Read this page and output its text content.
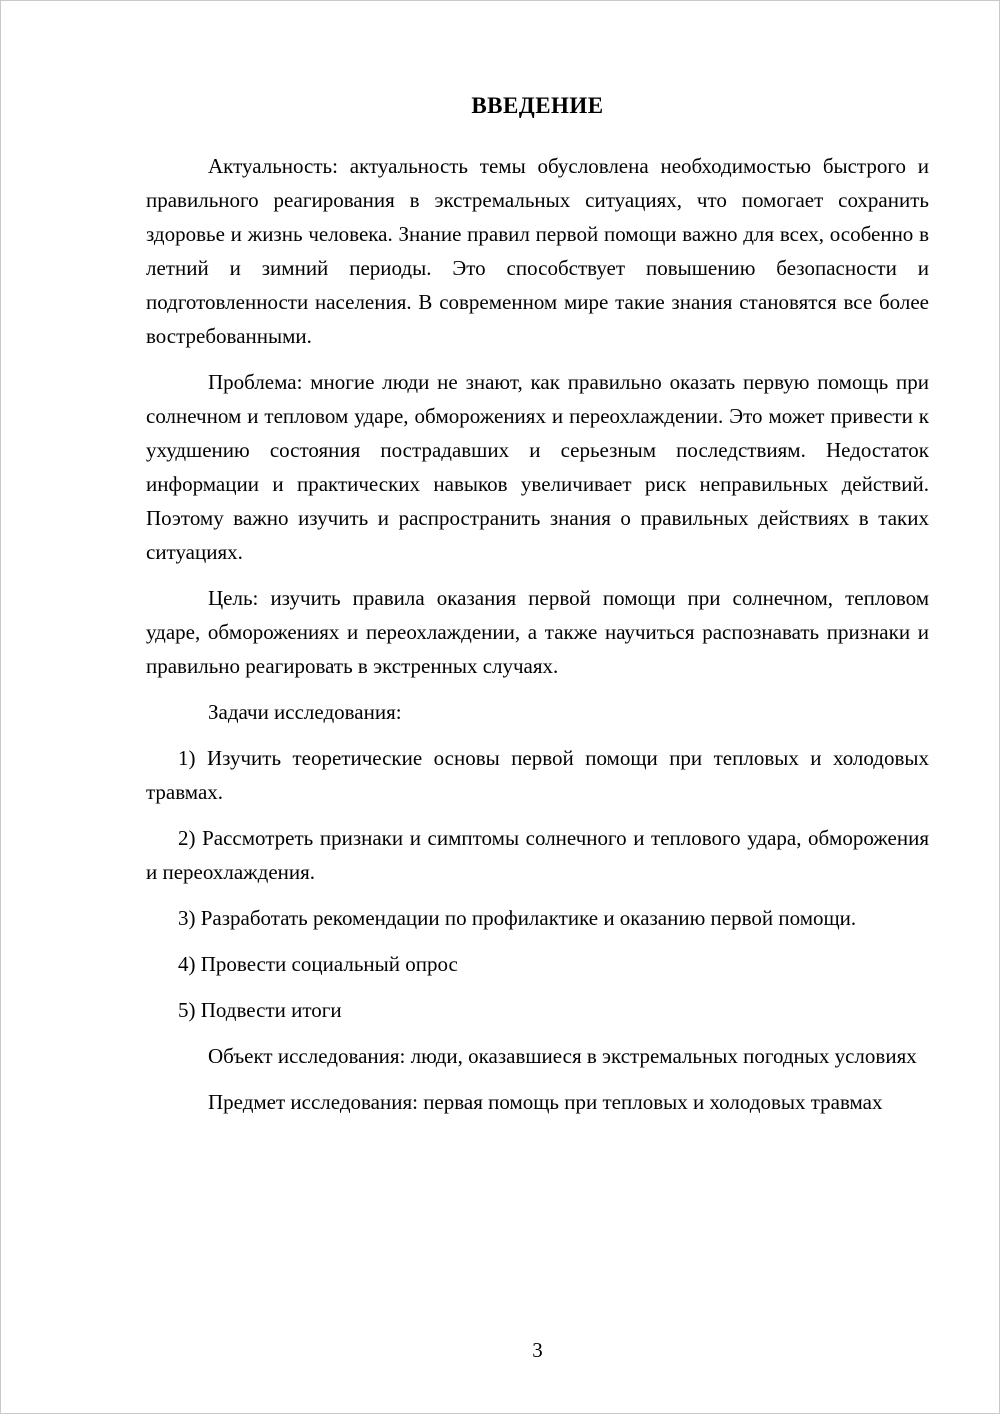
ВВЕДЕНИЕ

Актуальность: актуальность темы обусловлена необходимостью быстрого и правильного реагирования в экстремальных ситуациях, что помогает сохранить здоровье и жизнь человека. Знание правил первой помощи важно для всех, особенно в летний и зимний периоды. Это способствует повышению безопасности и подготовленности населения. В современном мире такие знания становятся все более востребованными.

Проблема: многие люди не знают, как правильно оказать первую помощь при солнечном и тепловом ударе, обморожениях и переохлаждении. Это может привести к ухудшению состояния пострадавших и серьезным последствиям. Недостаток информации и практических навыков увеличивает риск неправильных действий. Поэтому важно изучить и распространить знания о правильных действиях в таких ситуациях.

Цель: изучить правила оказания первой помощи при солнечном, тепловом ударе, обморожениях и переохлаждении, а также научиться распознавать признаки и правильно реагировать в экстренных случаях.

Задачи исследования:

1) Изучить теоретические основы первой помощи при тепловых и холодовых травмах.

2) Рассмотреть признаки и симптомы солнечного и теплового удара, обморожения и переохлаждения.

3) Разработать рекомендации по профилактике и оказанию первой помощи.

4) Провести социальный опрос

5) Подвести итоги

Объект исследования: люди, оказавшиеся в экстремальных погодных условиях

Предмет исследования: первая помощь при тепловых и холодовых травмах

3
